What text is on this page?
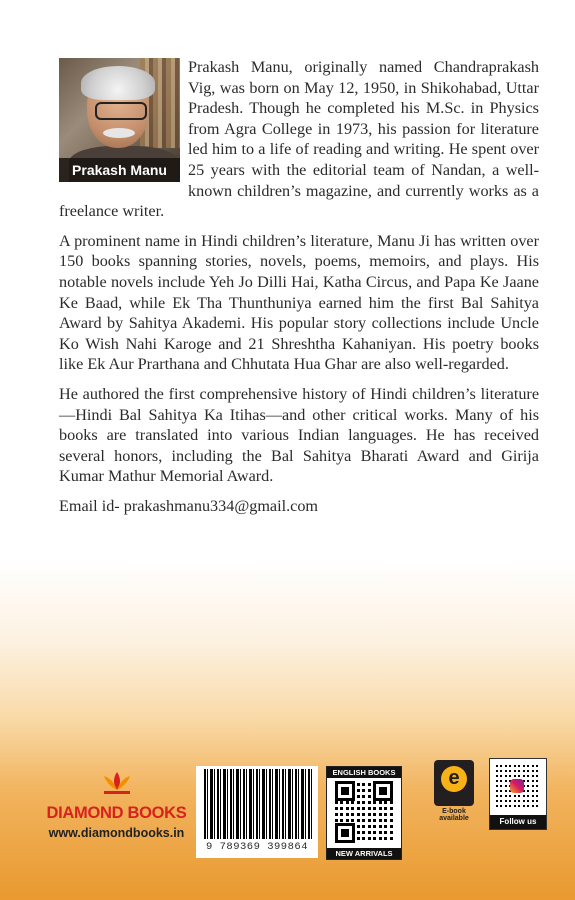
Prakash Manu, originally named Chandraprakash Vig, was born on May 12, 1950, in Shikohabad, Uttar Pradesh. Though he completed his M.Sc. in Physics from Agra College in 1973, his passion for literature led him to a life of reading and writing. He spent over 25 years with the editorial team of Nandan, a well-known children’s magazine, and currently works as a freelance writer.

A prominent name in Hindi children’s literature, Manu Ji has written over 150 books spanning stories, novels, poems, memoirs, and plays. His notable novels include Yeh Jo Dilli Hai, Katha Circus, and Papa Ke Jaane Ke Baad, while Ek Tha Thunthuniya earned him the first Bal Sahitya Award by Sahitya Akademi. His popular story collections include Uncle Ko Wish Nahi Karoge and 21 Shreshtha Kahaniyan. His poetry books like Ek Aur Prarthana and Chhutata Hua Ghar are also well-regarded.

He authored the first comprehensive history of Hindi children’s literature—Hindi Bal Sahitya Ka Itihas—and other critical works. Many of his books are translated into various Indian languages. He has received several honors, including the Bal Sahitya Bharati Award and Girija Kumar Mathur Memorial Award.

Email id- prakashmanu334@gmail.com

Prakash Manu
DIAMOND BOOKS
www.diamondbooks.in
9 789369 399864
ENGLISH BOOKS
NEW ARRIVALS
e
E-book available	Follow us
